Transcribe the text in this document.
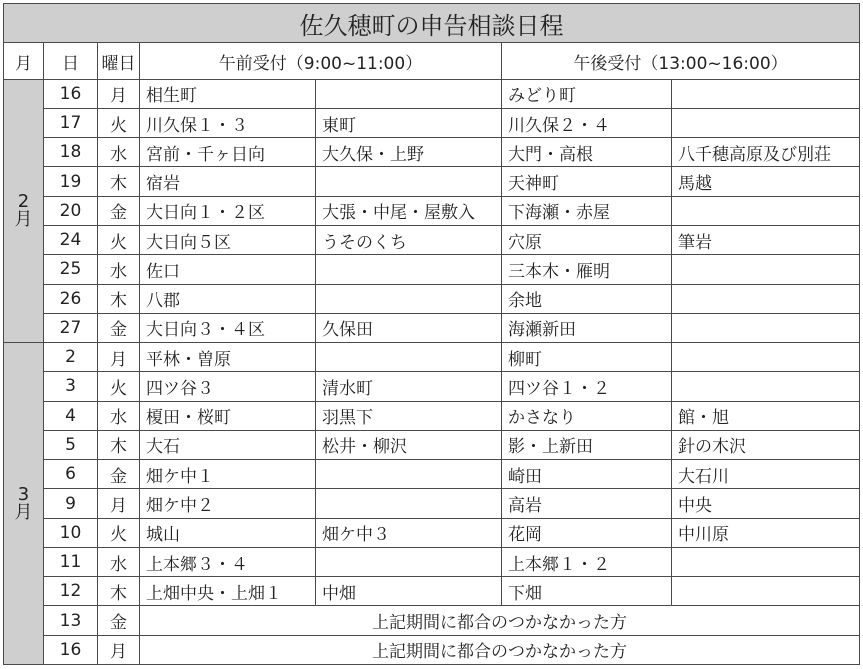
佐久穂町の申告相談日程						
月	日	曜日	午前受付（9:00~11:00）		午後受付（13:00~16:00）	

2
月	16	月	相生町		みどり町	
	17	火	川久保１・３	東町	川久保２・４	
	18	水	宮前・千ヶ日向	大久保・上野	大門・高根	八千穂高原及び別荘
	19	木	宿岩		天神町	馬越
	20	金	大日向１・２区	大張・中尾・屋敷入	下海瀬・赤屋	
	24	火	大日向５区	うそのくち	穴原	筆岩
	25	水	佐口		三本木・雁明	
	26	木	八郡		余地	
	27	金	大日向３・４区	久保田	海瀬新田	

3
月	2	月	平林・曽原		柳町	
	3	火	四ツ谷３	清水町	四ツ谷１・２	
	4	水	榎田・桜町	羽黒下	かさなり	館・旭
	5	木	大石	松井・柳沢	影・上新田	針の木沢
	6	金	畑ケ中１		崎田	大石川
	9	月	畑ケ中２		高岩	中央
	10	火	城山	畑ケ中３	花岡	中川原
	11	水	上本郷３・４		上本郷１・２	
	12	木	上畑中央・上畑１	中畑	下畑	
	13	金	上記期間に都合のつかなかった方			
	16	月	上記期間に都合のつかなかった方			
